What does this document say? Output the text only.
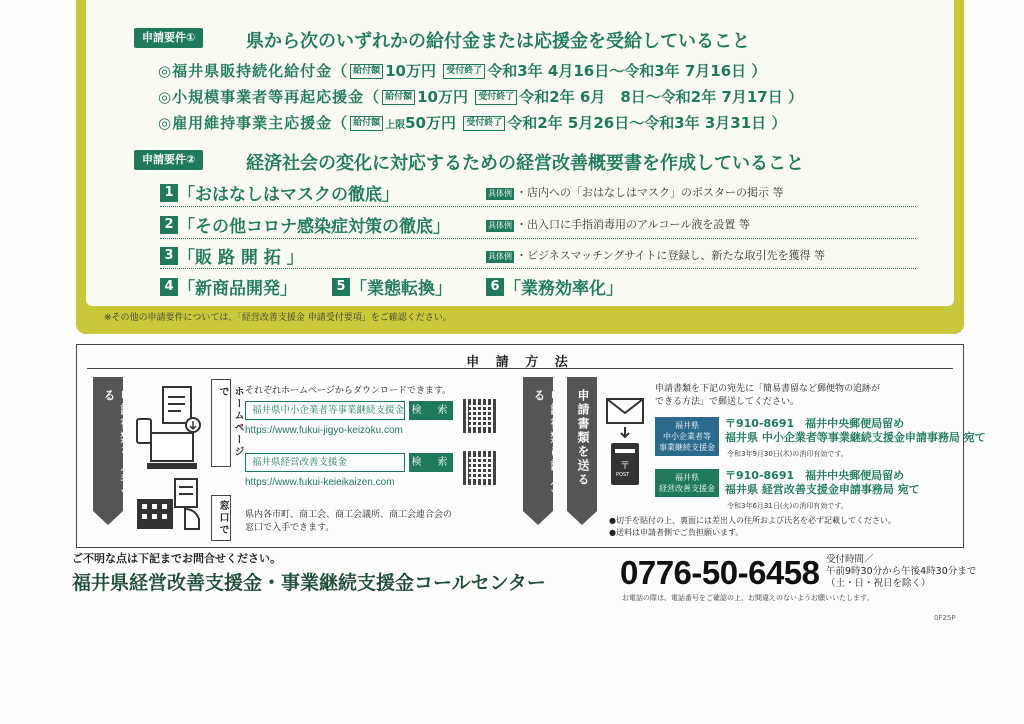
申請要件①	県から次のいずれかの給付金または応援金を受給していること
◎福井県販持続化給付金（ 給付額 10万円 受付終了 令和3年 4月16日～令和3年 7月16日 ）
◎小規模事業者等再起応援金（ 給付額 10万円 受付終了 令和2年 6月　8日～令和2年 7月17日 ）
◎雇用維持事業主応援金（ 給付額 上限50万円 受付終了 令和2年 5月26日～令和3年 3月31日 ）
申請要件②	経済社会の変化に対応するための経営改善概要書を作成していること
1 「おはなしはマスクの徹底」	具体例 ・店内への「おはなしはマスク」のポスターの掲示 等
2 「その他コロナ感染症対策の徹底」	具体例 ・出入口に手指消毒用のアルコール液を設置 等
3 「販 路 開 拓 」	具体例 ・ビジネスマッチングサイトに登録し、新たな取引先を獲得 等
4 「新商品開発」	5 「業態転換」	6 「業務効率化」
※その他の申請要件については、「経営改善支援金 申請受付要項」をご確認ください。
申 請 方 法
申請書類を入手する	ホームページで	それぞれホームページからダウンロードできます。
福井県中小企業者等事業継続支援金 検　索
https://www.fukui-jigyo-keizoku.com
福井県経営改善支援金	検　索
https://www.fukui-keieikaizen.com
窓口で 県内各市町、商工会、商工会議所、商工会連合会の
窓口で入手できます。
申請書類に記入する	申請書類を送る	〒
POST
申請書類を下記の宛先に「簡易書留など郵便物の追跡が
できる方法」で郵送してください。
福井県
中小企業者等
事業継続支援金
〒910-8691　福井中央郵便局留め
福井県 中小企業者等事業継続支援金申請事務局 宛て
令和3年9月30日(木)の消印有効です。
福井県
経営改善支援金
〒910-8691　福井中央郵便局留め
福井県 経営改善支援金申請事務局 宛て
令和3年6月31日(火)の消印有効です。
●切手を貼付の上、裏面には差出人の住所および氏名を必ず記載してください。
●送料は申請者側でご負担願います。
ご不明な点は下記までお問合せください。
福井県経営改善支援金・事業継続支援金コールセンター 0776-50-6458 受付時間／
午前9時30分から午後4時30分まで
（土・日・祝日を除く）
お電話の際は、電話番号をご確認の上、お間違えのないようお願いいたします。
0F25P
